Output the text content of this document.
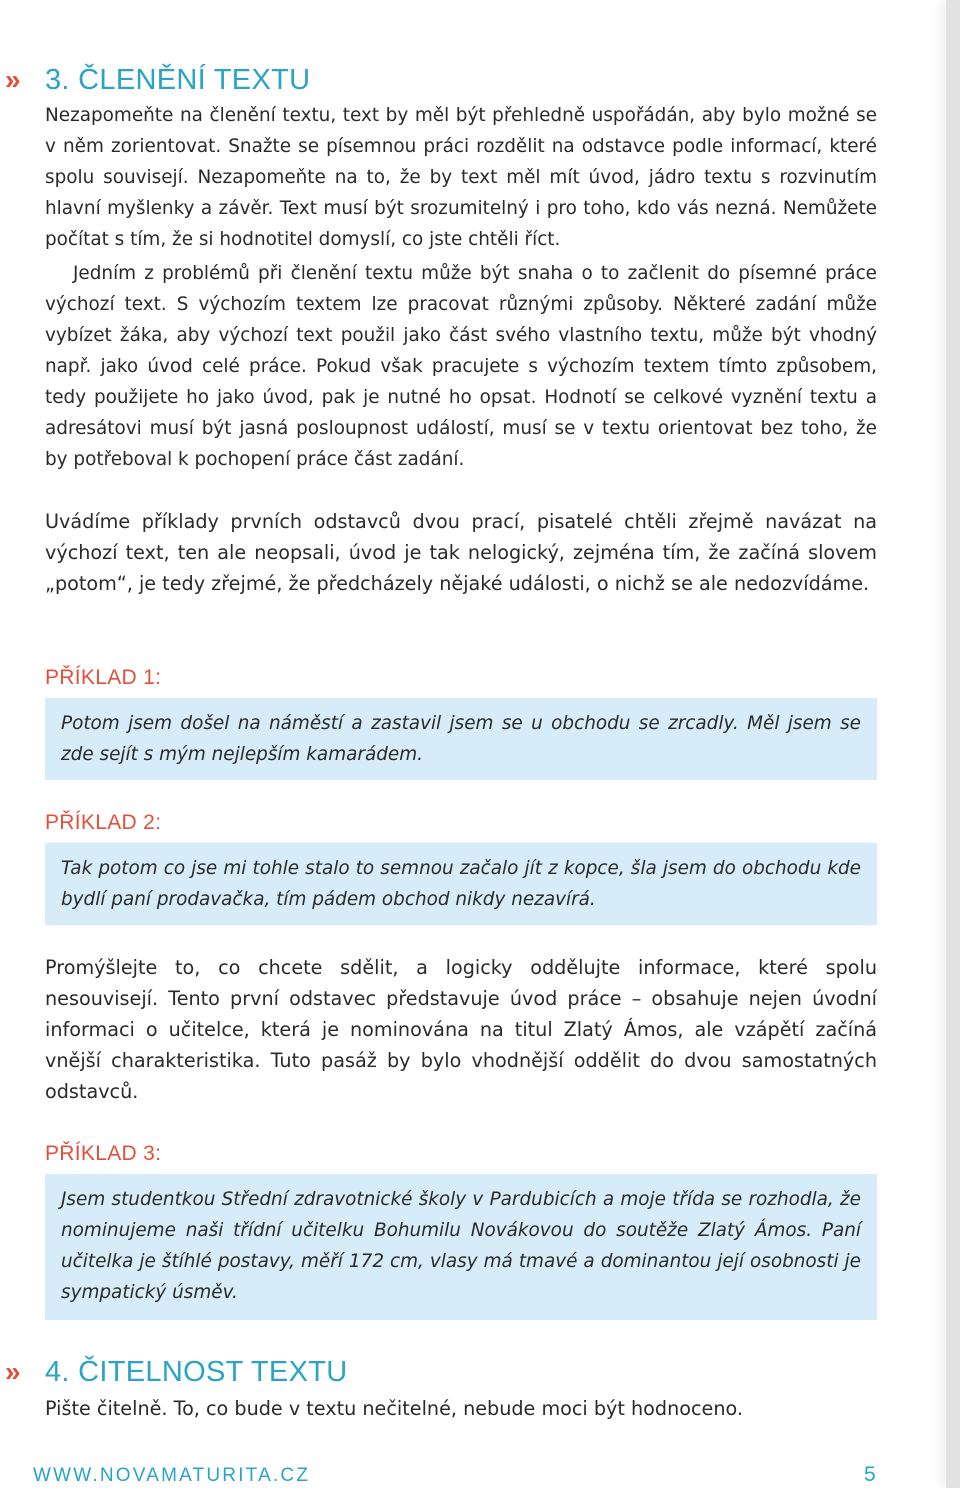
» 3. ČLENĚNÍ TEXTU

Nezapomeňte na členění textu, text by měl být přehledně uspořádán, aby bylo možné se v něm zorientovat. Snažte se písemnou práci rozdělit na odstavce podle informací, které spolu souvisejí. Nezapomeňte na to, že by text měl mít úvod, jádro textu s rozvinutím hlavní myšlenky a závěr. Text musí být srozumitelný i pro toho, kdo vás nezná. Nemůžete počítat s tím, že si hodnotitel domyslí, co jste chtěli říct.

Jedním z problémů při členění textu může být snaha o to začlenit do písemné práce výchozí text. S výchozím textem lze pracovat různými způsoby. Některé zadání může vybízet žáka, aby výchozí text použil jako část svého vlastního textu, může být vhodný např. jako úvod celé práce. Pokud však pracujete s výchozím textem tímto způsobem, tedy použijete ho jako úvod, pak je nutné ho opsat. Hodnotí se celkové vyznění textu a adresátovi musí být jasná posloupnost událostí, musí se v textu orientovat bez toho, že by potřeboval k pochopení práce část zadání.

Uvádíme příklady prvních odstavců dvou prací, pisatelé chtěli zřejmě navázat na výchozí text, ten ale neopsali, úvod je tak nelogický, zejména tím, že začíná slovem „potom“, je tedy zřejmé, že předcházely nějaké události, o nichž se ale nedozvídáme.

PŘÍKLAD 1:
Potom jsem došel na náměstí a zastavil jsem se u obchodu se zrcadly. Měl jsem se zde sejít s mým nejlepším kamarádem.
PŘÍKLAD 2:
Tak potom co jse mi tohle stalo to semnou začalo jít z kopce, šla jsem do obchodu kde bydlí paní prodavačka, tím pádem obchod nikdy nezavírá.

Promýšlejte to, co chcete sdělit, a logicky oddělujte informace, které spolu nesouvisejí. Tento první odstavec představuje úvod práce – obsahuje nejen úvodní informaci o učitelce, která je nominována na titul Zlatý Ámos, ale vzápětí začíná vnější charakteristika. Tuto pasáž by bylo vhodnější oddělit do dvou samostatných odstavců.

PŘÍKLAD 3:
Jsem studentkou Střední zdravotnické školy v Pardubicích a moje třída se rozhodla, že nominujeme naši třídní učitelku Bohumilu Novákovou do soutěže Zlatý Ámos. Paní učitelka je štíhlé postavy, měří 172 cm, vlasy má tmavé a dominantou její osobnosti je sympatický úsměv.
» 4. ČITELNOST TEXTU

Pište čitelně. To, co bude v textu nečitelné, nebude moci být hodnoceno.

WWW.NOVAMATURITA.CZ	5
